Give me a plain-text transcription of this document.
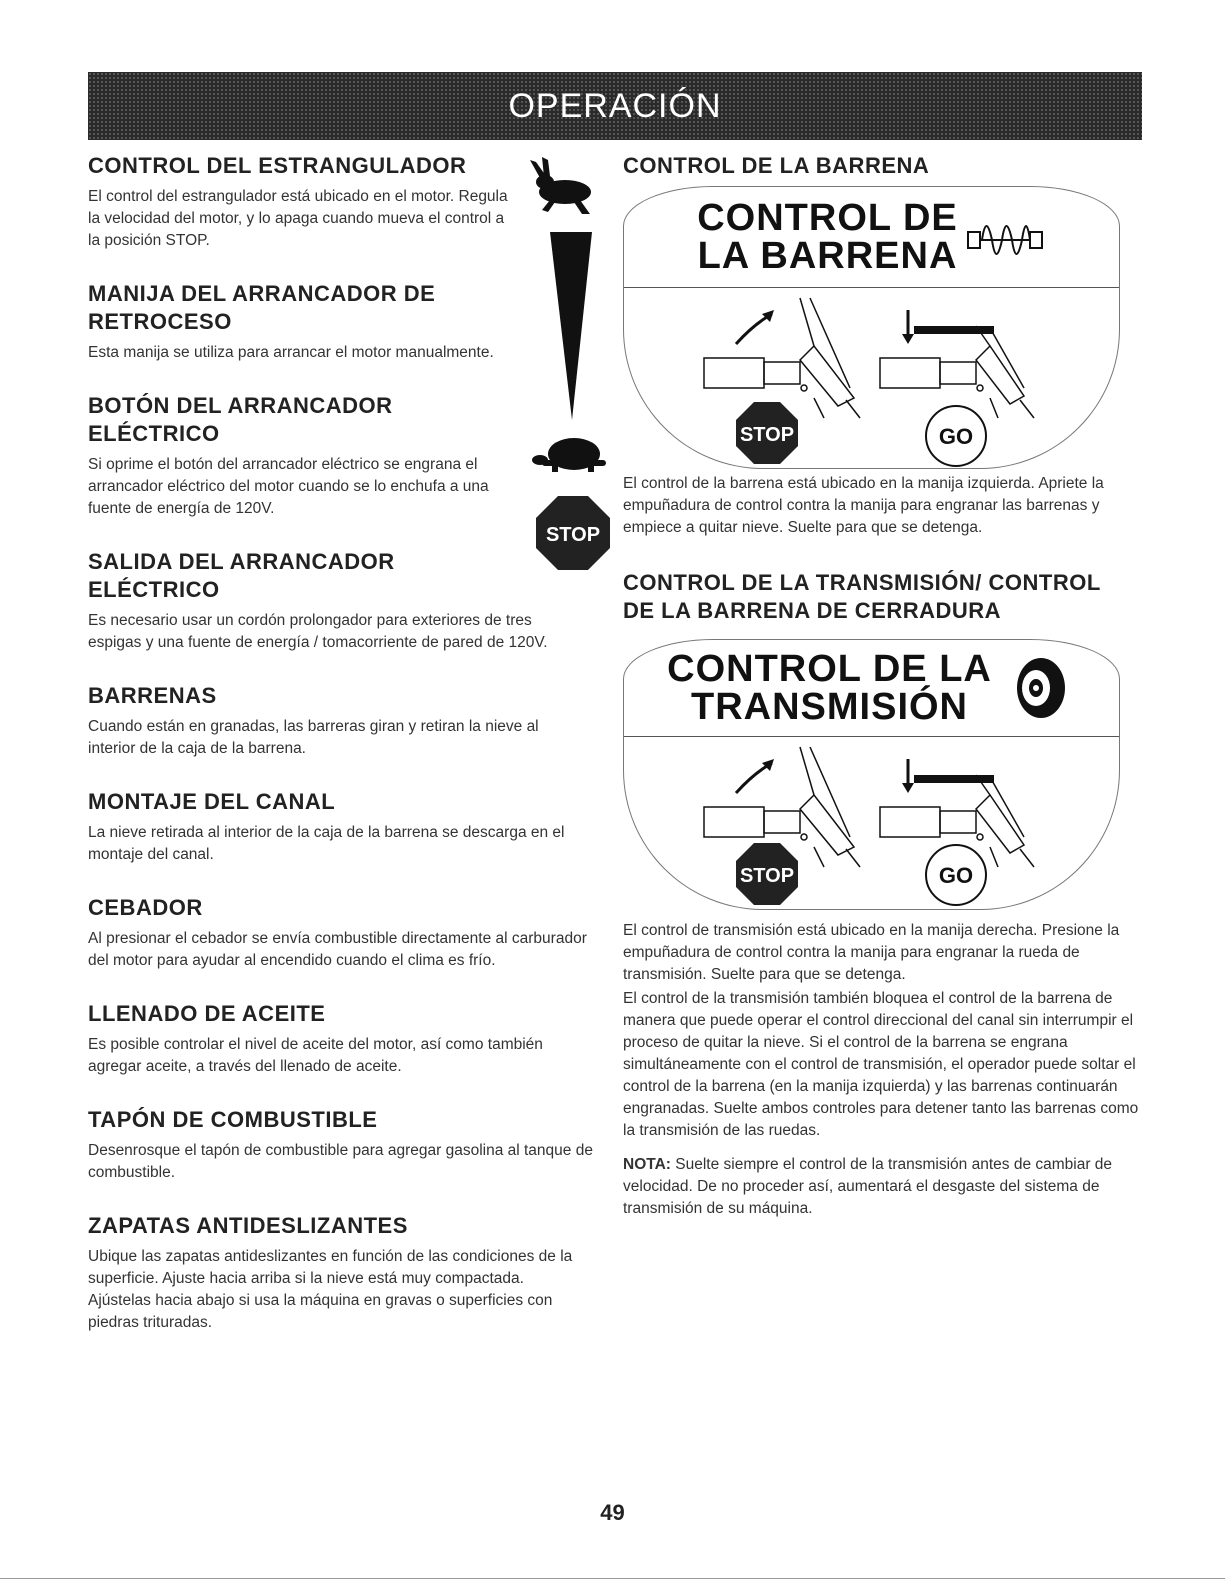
OPERACIÓN
CONTROL DEL ESTRANGULADOR

El control del estrangulador está ubicado en el motor. Regula la velocidad del motor, y lo apaga cuando mueva el control a la posición STOP.

MANIJA DEL ARRANCADOR DE RETROCESO

Esta manija se utiliza para arrancar el motor manualmente.

BOTÓN DEL ARRANCADOR ELÉCTRICO

Si oprime el botón del arrancador eléctrico se engrana el arrancador eléctrico del motor cuando se lo enchufa a una fuente de energía de 120V.

SALIDA DEL ARRANCADOR ELÉCTRICO

Es necesario usar un cordón prolongador para exteriores de tres espigas y una fuente de energía / tomacorriente de pared de 120V.

BARRENAS

Cuando están en granadas, las barreras giran y retiran la nieve al interior de la caja de la barrena.

MONTAJE DEL CANAL

La nieve retirada al interior de la caja de la barrena se descarga en el montaje del canal.

CEBADOR

Al presionar el cebador se envía combustible directamente al carburador del motor para ayudar al encendido cuando el clima es frío.

LLENADO DE ACEITE

Es posible controlar el nivel de aceite del motor, así como también agregar aceite, a través del llenado de aceite.

TAPÓN DE COMBUSTIBLE

Desenrosque el tapón de combustible para agregar gasolina al tanque de combustible.

ZAPATAS ANTIDESLIZANTES

Ubique las zapatas antideslizantes en función de las condiciones de la superficie. Ajuste hacia arriba si la nieve está muy compactada. Ajústelas hacia abajo si usa la máquina en gravas o superficies con piedras trituradas.

STOP
CONTROL DE LA BARRENA
CONTROL DE
LA BARRENA
STOP	GO

El control de la barrena está ubicado en la manija izquierda. Apriete la empuñadura de control contra la manija para engranar las barrenas y empiece a quitar nieve. Suelte para que se detenga.

CONTROL DE LA TRANSMISIÓN/ CONTROL DE LA BARRENA DE CERRADURA
CONTROL DE LA
TRANSMISIÓN
STOP	GO

El control de transmisión está ubicado en la manija derecha. Presione la empuñadura de control contra la manija para engranar la rueda de transmisión. Suelte para que se detenga.

El control de la transmisión también bloquea el control de la barrena de manera que puede operar el control direccional del canal sin interrumpir el proceso de quitar la nieve. Si el control de la barrena se engrana simultáneamente con el control de transmisión, el operador puede soltar el control de la barrena (en la manija izquierda) y las barrenas continuarán engranadas. Suelte ambos controles para detener tanto las barrenas como la transmisión de las ruedas.

NOTA: Suelte siempre el control de la transmisión antes de cambiar de velocidad. De no proceder así, aumentará el desgaste del sistema de transmisión de su máquina.

49
